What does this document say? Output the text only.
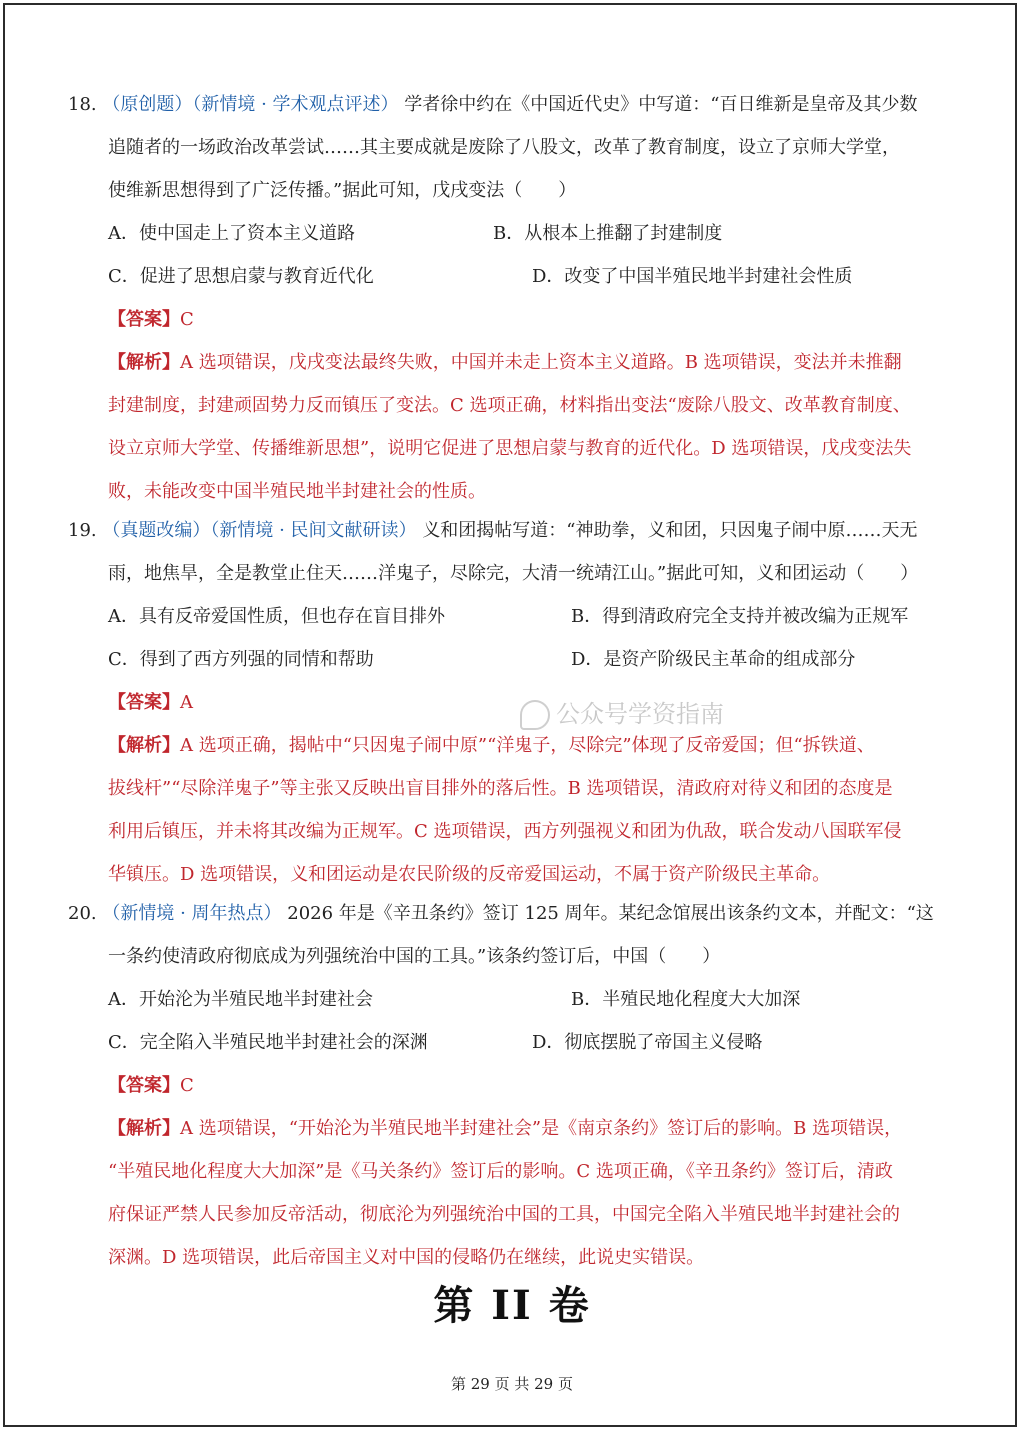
18. （原创题）（新情境 · 学术观点评述） 学者徐中约在《中国近代史》中写道：“百日维新是皇帝及其少数
追随者的一场政治改革尝试……其主要成就是废除了八股文，改革了教育制度，设立了京师大学堂，
使维新思想得到了广泛传播。”据此可知，戊戌变法（　　）
A．使中国走上了资本主义道路	B．从根本上推翻了封建制度
C．促进了思想启蒙与教育近代化	D．改变了中国半殖民地半封建社会性质
【答案】C
【解析】A 选项错误，戊戌变法最终失败，中国并未走上资本主义道路。B 选项错误，变法并未推翻
封建制度，封建顽固势力反而镇压了变法。C 选项正确，材料指出变法“废除八股文、改革教育制度、
设立京师大学堂、传播维新思想”，说明它促进了思想启蒙与教育的近代化。D 选项错误，戊戌变法失
败，未能改变中国半殖民地半封建社会的性质。
19. （真题改编）（新情境 · 民间文献研读） 义和团揭帖写道：“神助拳，义和团，只因鬼子闹中原……天无
雨，地焦旱，全是教堂止住天……洋鬼子，尽除完，大清一统靖江山。”据此可知，义和团运动（　　）
A．具有反帝爱国性质，但也存在盲目排外	B．得到清政府完全支持并被改编为正规军
C．得到了西方列强的同情和帮助	D．是资产阶级民主革命的组成部分
【答案】A
【解析】A 选项正确，揭帖中“只因鬼子闹中原”“洋鬼子，尽除完”体现了反帝爱国；但“拆铁道、
拔线杆”“尽除洋鬼子”等主张又反映出盲目排外的落后性。B 选项错误，清政府对待义和团的态度是
利用后镇压，并未将其改编为正规军。C 选项错误，西方列强视义和团为仇敌，联合发动八国联军侵
华镇压。D 选项错误，义和团运动是农民阶级的反帝爱国运动，不属于资产阶级民主革命。
20. （新情境 · 周年热点） 2026 年是《辛丑条约》签订 125 周年。某纪念馆展出该条约文本，并配文：“这
一条约使清政府彻底成为列强统治中国的工具。”该条约签订后，中国（　　）
A．开始沦为半殖民地半封建社会	B．半殖民地化程度大大加深
C．完全陷入半殖民地半封建社会的深渊	D．彻底摆脱了帝国主义侵略
【答案】C
【解析】A 选项错误，“开始沦为半殖民地半封建社会”是《南京条约》签订后的影响。B 选项错误，
“半殖民地化程度大大加深”是《马关条约》签订后的影响。C 选项正确，《辛丑条约》签订后，清政
府保证严禁人民参加反帝活动，彻底沦为列强统治中国的工具，中国完全陷入半殖民地半封建社会的
深渊。D 选项错误，此后帝国主义对中国的侵略仍在继续，此说史实错误。
公众号学资指南
第 II 卷
第 29 页 共 29 页
